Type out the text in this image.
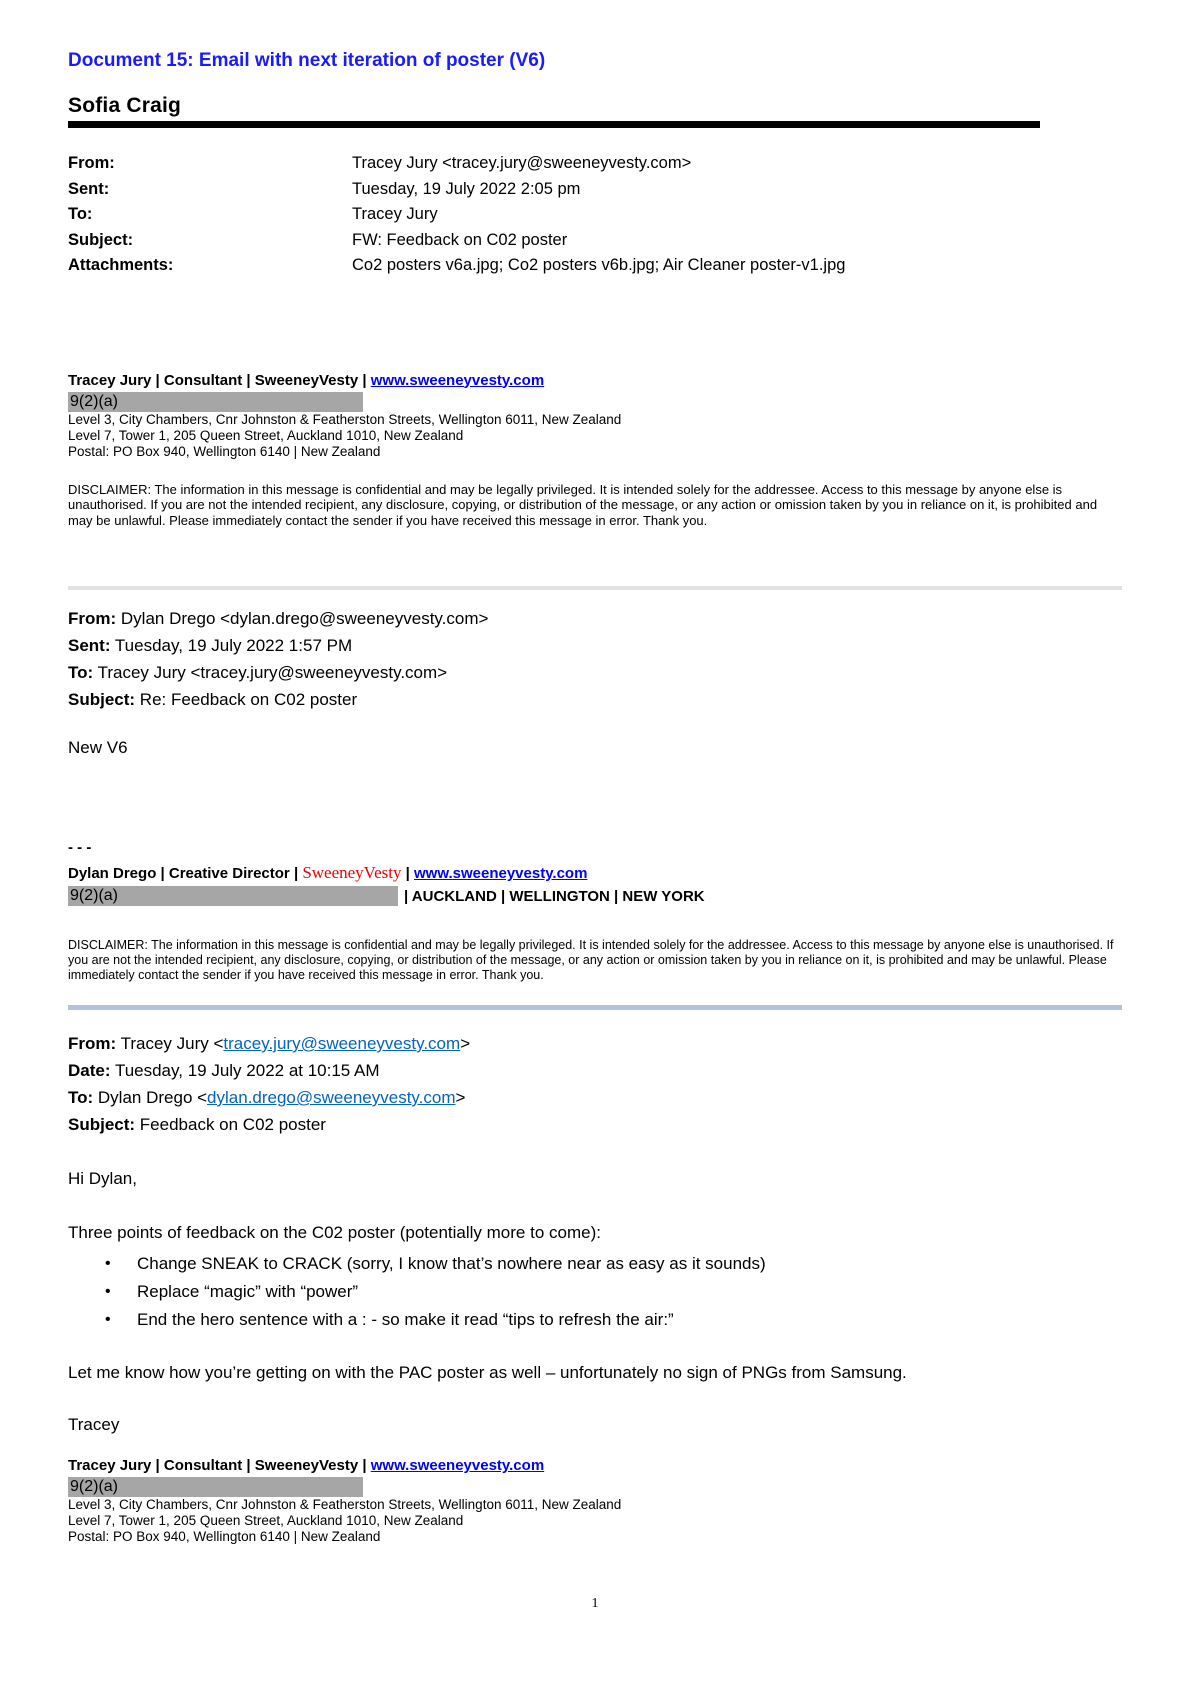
Document 15: Email with next iteration of poster (V6)
Sofia Craig
From:	Tracey Jury <tracey.jury@sweeneyvesty.com>
Sent:	Tuesday, 19 July 2022 2:05 pm
To:	Tracey Jury
Subject:	FW: Feedback on C02 poster
Attachments:	Co2 posters v6a.jpg; Co2 posters v6b.jpg; Air Cleaner poster-v1.jpg
Tracey Jury | Consultant | SweeneyVesty | www.sweeneyvesty.com
9(2)(a)
Level 3, City Chambers, Cnr Johnston & Featherston Streets, Wellington 6011, New Zealand
Level 7, Tower 1, 205 Queen Street, Auckland 1010, New Zealand
Postal: PO Box 940, Wellington 6140 | New Zealand
DISCLAIMER: The information in this message is confidential and may be legally privileged. It is intended solely for the addressee. Access to this message by anyone else is unauthorised. If you are not the intended recipient, any disclosure, copying, or distribution of the message, or any action or omission taken by you in reliance on it, is prohibited and may be unlawful. Please immediately contact the sender if you have received this message in error. Thank you.

From: Dylan Drego <dylan.drego@sweeneyvesty.com>

Sent: Tuesday, 19 July 2022 1:57 PM

To: Tracey Jury <tracey.jury@sweeneyvesty.com>

Subject: Re: Feedback on C02 poster

New V6

- - -

Dylan Drego | Creative Director | SweeneyVesty | www.sweeneyvesty.com
9(2)(a)	| AUCKLAND | WELLINGTON | NEW YORK
DISCLAIMER: The information in this message is confidential and may be legally privileged. It is intended solely for the addressee. Access to this message by anyone else is unauthorised. If you are not the intended recipient, any disclosure, copying, or distribution of the message, or any action or omission taken by you in reliance on it, is prohibited and may be unlawful. Please immediately contact the sender if you have received this message in error. Thank you.

From: Tracey Jury <tracey.jury@sweeneyvesty.com>

Date: Tuesday, 19 July 2022 at 10:15 AM

To: Dylan Drego <dylan.drego@sweeneyvesty.com>

Subject: Feedback on C02 poster

Hi Dylan,

Three points of feedback on the C02 poster (potentially more to come):

• Change SNEAK to CRACK (sorry, I know that’s nowhere near as easy as it sounds)
• Replace “magic” with “power”
• End the hero sentence with a : - so make it read “tips to refresh the air:”

Let me know how you’re getting on with the PAC poster as well – unfortunately no sign of PNGs from Samsung.

Tracey

Tracey Jury | Consultant | SweeneyVesty | www.sweeneyvesty.com
9(2)(a)
Level 3, City Chambers, Cnr Johnston & Featherston Streets, Wellington 6011, New Zealand
Level 7, Tower 1, 205 Queen Street, Auckland 1010, New Zealand
Postal: PO Box 940, Wellington 6140 | New Zealand
1
